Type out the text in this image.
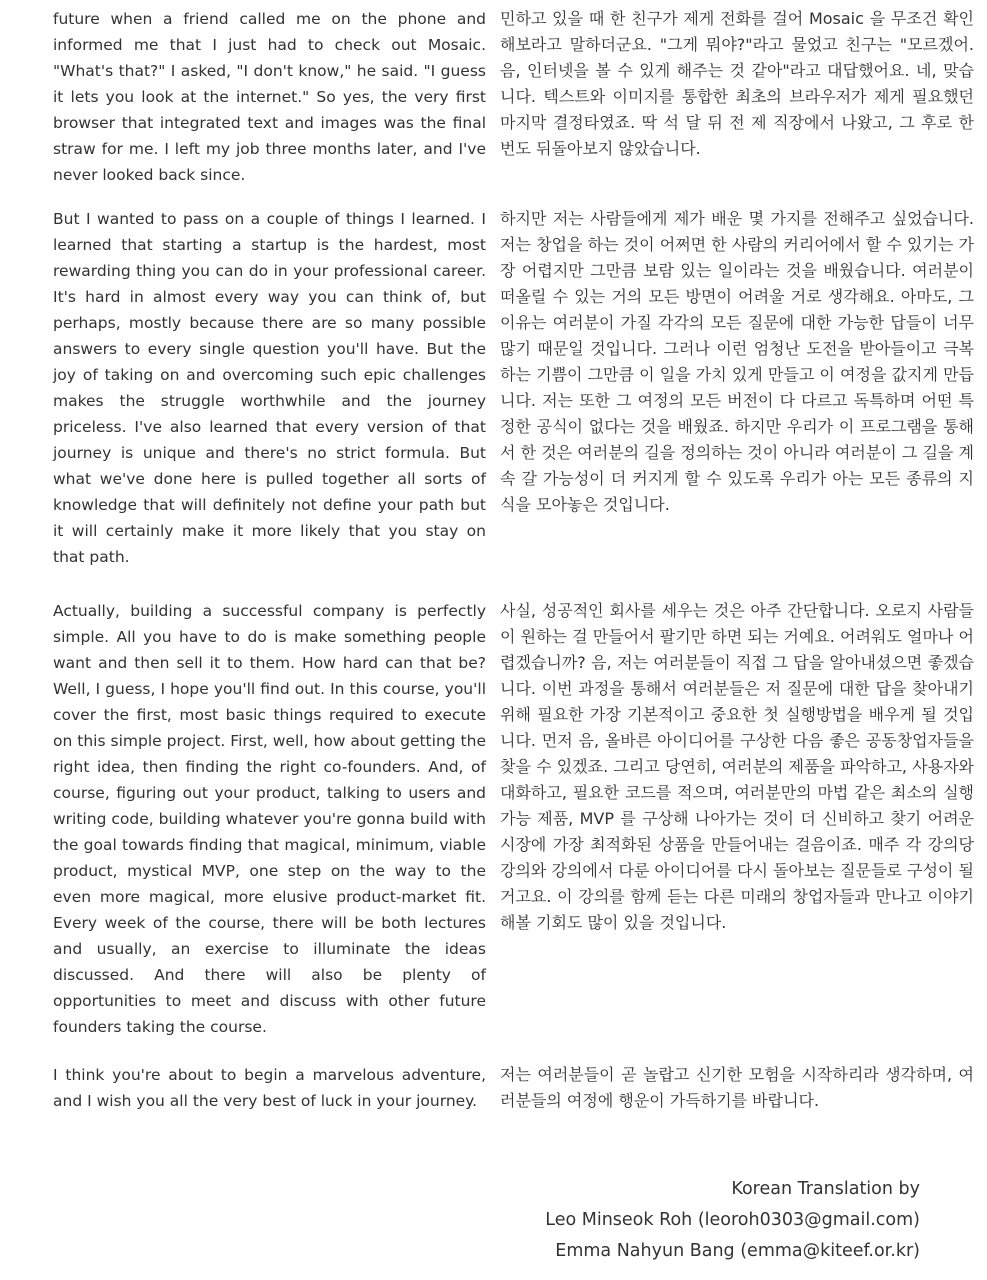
future when a friend called me on the phone and informed me that I just had to check out Mosaic. "What's that?" I asked, "I don't know," he said. "I guess it lets you look at the internet." So yes, the very first browser that integrated text and images was the final straw for me. I left my job three months later, and I've never looked back since.

민하고 있을 때 한 친구가 제게 전화를 걸어 Mosaic 을 무조건 확인해보라고 말하더군요. "그게 뭐야?"라고 물었고 친구는 "모르겠어. 음, 인터넷을 볼 수 있게 해주는 것 같아"라고 대답했어요. 네, 맞습니다. 텍스트와 이미지를 통합한 최초의 브라우저가 제게 필요했던 마지막 결정타였죠. 딱 석 달 뒤 전 제 직장에서 나왔고, 그 후로 한 번도 뒤돌아보지 않았습니다.

But I wanted to pass on a couple of things I learned. I learned that starting a startup is the hardest, most rewarding thing you can do in your professional career. It's hard in almost every way you can think of, but perhaps, mostly because there are so many possible answers to every single question you'll have. But the joy of taking on and overcoming such epic challenges makes the struggle worthwhile and the journey priceless. I've also learned that every version of that journey is unique and there's no strict formula. But what we've done here is pulled together all sorts of knowledge that will definitely not define your path but it will certainly make it more likely that you stay on that path.

하지만 저는 사람들에게 제가 배운 몇 가지를 전해주고 싶었습니다. 저는 창업을 하는 것이 어쩌면 한 사람의 커리어에서 할 수 있기는 가장 어렵지만 그만큼 보람 있는 일이라는 것을 배웠습니다. 여러분이 떠올릴 수 있는 거의 모든 방면이 어려울 거로 생각해요. 아마도, 그 이유는 여러분이 가질 각각의 모든 질문에 대한 가능한 답들이 너무 많기 때문일 것입니다. 그러나 이런 엄청난 도전을 받아들이고 극복하는 기쁨이 그만큼 이 일을 가치 있게 만들고 이 여정을 값지게 만듭니다. 저는 또한 그 여정의 모든 버전이 다 다르고 독특하며 어떤 특정한 공식이 없다는 것을 배웠죠. 하지만 우리가 이 프로그램을 통해서 한 것은 여러분의 길을 정의하는 것이 아니라 여러분이 그 길을 계속 갈 가능성이 더 커지게 할 수 있도록 우리가 아는 모든 종류의 지식을 모아놓은 것입니다.

Actually, building a successful company is perfectly simple. All you have to do is make something people want and then sell it to them. How hard can that be? Well, I guess, I hope you'll find out. In this course, you'll cover the first, most basic things required to execute on this simple project. First, well, how about getting the right idea, then finding the right co-founders. And, of course, figuring out your product, talking to users and writing code, building whatever you're gonna build with the goal towards finding that magical, minimum, viable product, mystical MVP, one step on the way to the even more magical, more elusive product-market fit. Every week of the course, there will be both lectures and usually, an exercise to illuminate the ideas discussed. And there will also be plenty of opportunities to meet and discuss with other future founders taking the course.

사실, 성공적인 회사를 세우는 것은 아주 간단합니다. 오로지 사람들이 원하는 걸 만들어서 팔기만 하면 되는 거예요. 어려워도 얼마나 어렵겠습니까? 음, 저는 여러분들이 직접 그 답을 알아내셨으면 좋겠습니다. 이번 과정을 통해서 여러분들은 저 질문에 대한 답을 찾아내기 위해 필요한 가장 기본적이고 중요한 첫 실행방법을 배우게 될 것입니다. 먼저 음, 올바른 아이디어를 구상한 다음 좋은 공동창업자들을 찾을 수 있겠죠. 그리고 당연히, 여러분의 제품을 파악하고, 사용자와 대화하고, 필요한 코드를 적으며, 여러분만의 마법 같은 최소의 실행 가능 제품, MVP 를 구상해 나아가는 것이 더 신비하고 찾기 어려운 시장에 가장 최적화된 상품을 만들어내는 걸음이죠. 매주 각 강의당 강의와 강의에서 다룬 아이디어를 다시 돌아보는 질문들로 구성이 될 거고요. 이 강의를 함께 듣는 다른 미래의 창업자들과 만나고 이야기해볼 기회도 많이 있을 것입니다.

I think you're about to begin a marvelous adventure, and I wish you all the very best of luck in your journey.

저는 여러분들이 곧 놀랍고 신기한 모험을 시작하리라 생각하며, 여러분들의 여정에 행운이 가득하기를 바랍니다.

Korean Translation by
Leo Minseok Roh (leoroh0303@gmail.com)
Emma Nahyun Bang (emma@kiteef.or.kr)
